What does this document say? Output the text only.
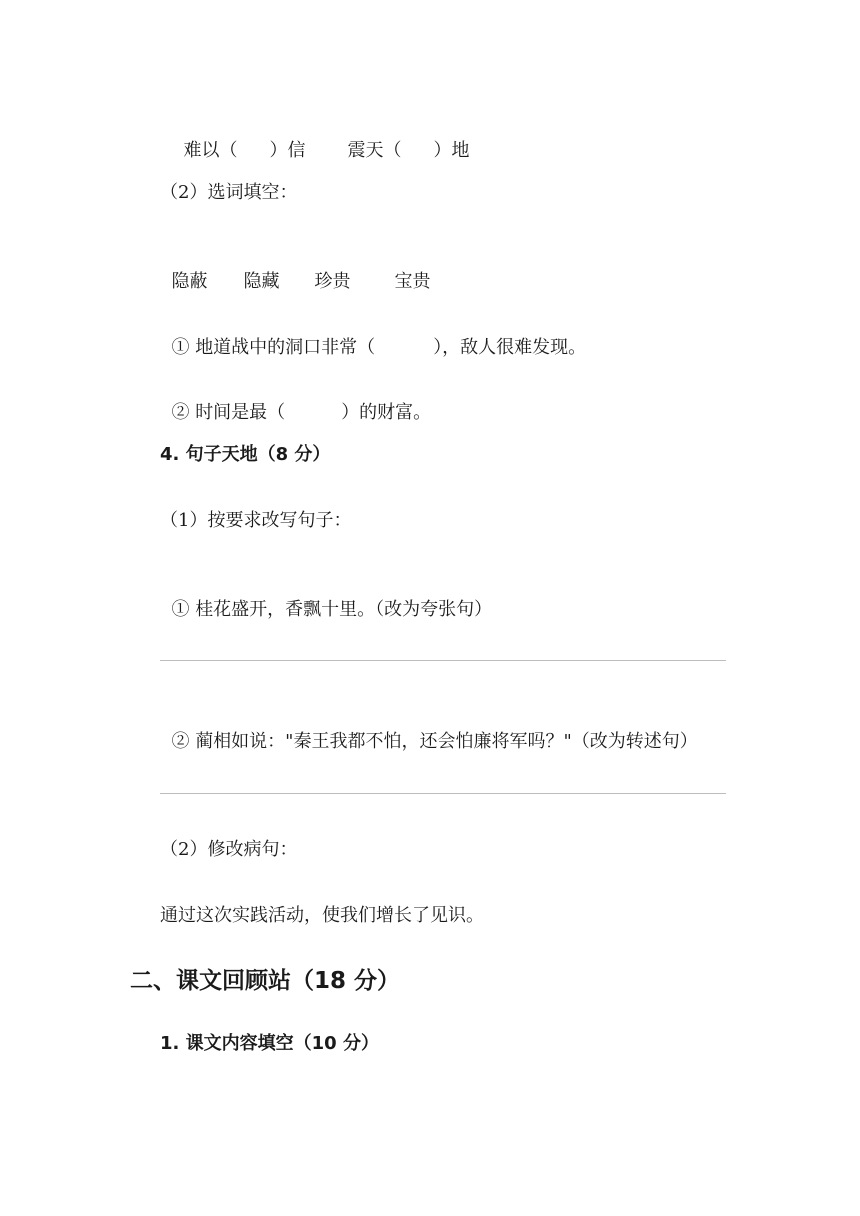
难以（ ）信 震天（ ）地

（2）选词填空：

隐蔽 隐藏 珍贵 宝贵

① 地道战中的洞口非常（	），敌人很难发现。

② 时间是最（	）的财富。

4. 句子天地（8 分）
（1）按要求改写句子：

① 桂花盛开，香飘十里。（改为夸张句）

② 蔺相如说："秦王我都不怕，还会怕廉将军吗？"（改为转述句）

（2）修改病句：
通过这次实践活动，使我们增长了见识。
二、课文回顾站（18 分）
1. 课文内容填空（10 分）
